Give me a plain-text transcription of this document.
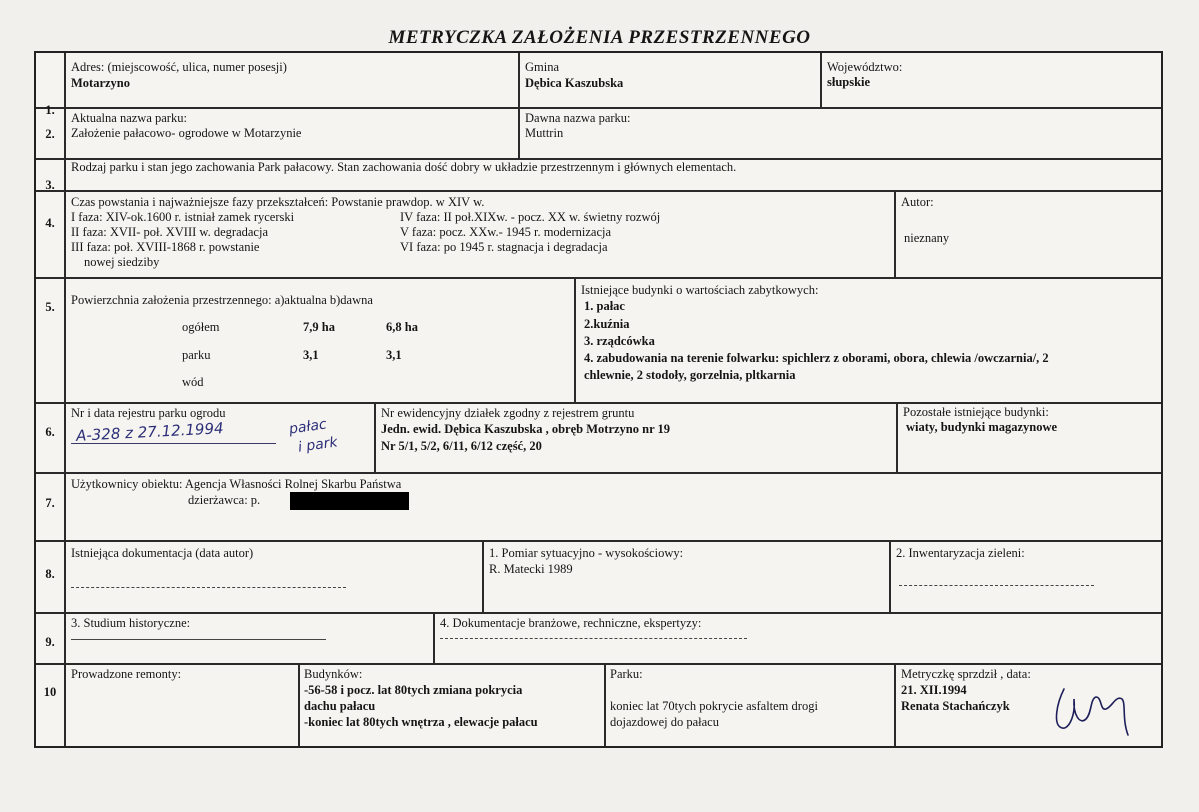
METRYCZKA ZAŁOŻENIA PRZESTRZENNEGO
1.
Adres: (miejscowość, ulica, numer posesji)
Motarzyno
Gmina
Dębica Kaszubska
Województwo:
słupskie
2.
Aktualna nazwa parku:
Założenie pałacowo- ogrodowe w Motarzynie
Dawna nazwa parku:
Muttrin
3.
Rodzaj parku i stan jego zachowania Park pałacowy. Stan zachowania dość dobry w układzie przestrzennym i głównych elementach.
4.
Czas powstania i najważniejsze fazy przekształceń: Powstanie prawdop. w XIV w.
I faza: XIV-ok.1600 r. istniał zamek rycerski
II faza: XVII- poł. XVIII w. degradacja
III faza: poł. XVIII-1868 r. powstanie
nowej siedziby
IV faza: II poł.XIXw. - pocz. XX w. świetny rozwój
V faza: pocz. XXw.- 1945 r. modernizacja
VI faza: po 1945 r. stagnacja i degradacja
Autor:
nieznany
5.	Powierzchnia założenia przestrzennego: a)aktualna b)dawna
ogółem	7,9 ha	6,8 ha
parku	3,1	3,1
wód
Istniejące budynki o wartościach zabytkowych:
1. pałac
2.kuźnia
3. rządcówka
4. zabudowania na terenie folwarku: spichlerz z oborami, obora, chlewia /owczarnia/, 2
chlewnie, 2 stodoły, gorzelnia, pltkarnia
6.
Nr i data rejestru parku ogrodu
A-328 z 27.12.1994	pałac
i park
Nr ewidencyjny działek zgodny z rejestrem gruntu
Jedn. ewid. Dębica Kaszubska , obręb Motrzyno nr 19
Nr 5/1, 5/2, 6/11, 6/12 część, 20
Pozostałe istniejące budynki:
wiaty, budynki magazynowe
7.
Użytkownicy obiektu: Agencja Własności Rolnej Skarbu Państwa
dzierżawca: p.
8.
Istniejąca dokumentacja (data autor)	1. Pomiar sytuacyjno - wysokościowy:
R. Matecki 1989
2. Inwentaryzacja zieleni:
9.
3. Studium historyczne:	4. Dokumentacje branżowe, rechniczne, ekspertyzy:
10
Prowadzone remonty:	Budynków:
-56-58 i pocz. lat 80tych zmiana pokrycia
dachu pałacu
-koniec lat 80tych wnętrza , elewacje pałacu
Parku:
koniec lat 70tych pokrycie asfaltem drogi
dojazdowej do pałacu
Metryczkę sprzdził , data:
21. XII.1994
Renata Stachańczyk
